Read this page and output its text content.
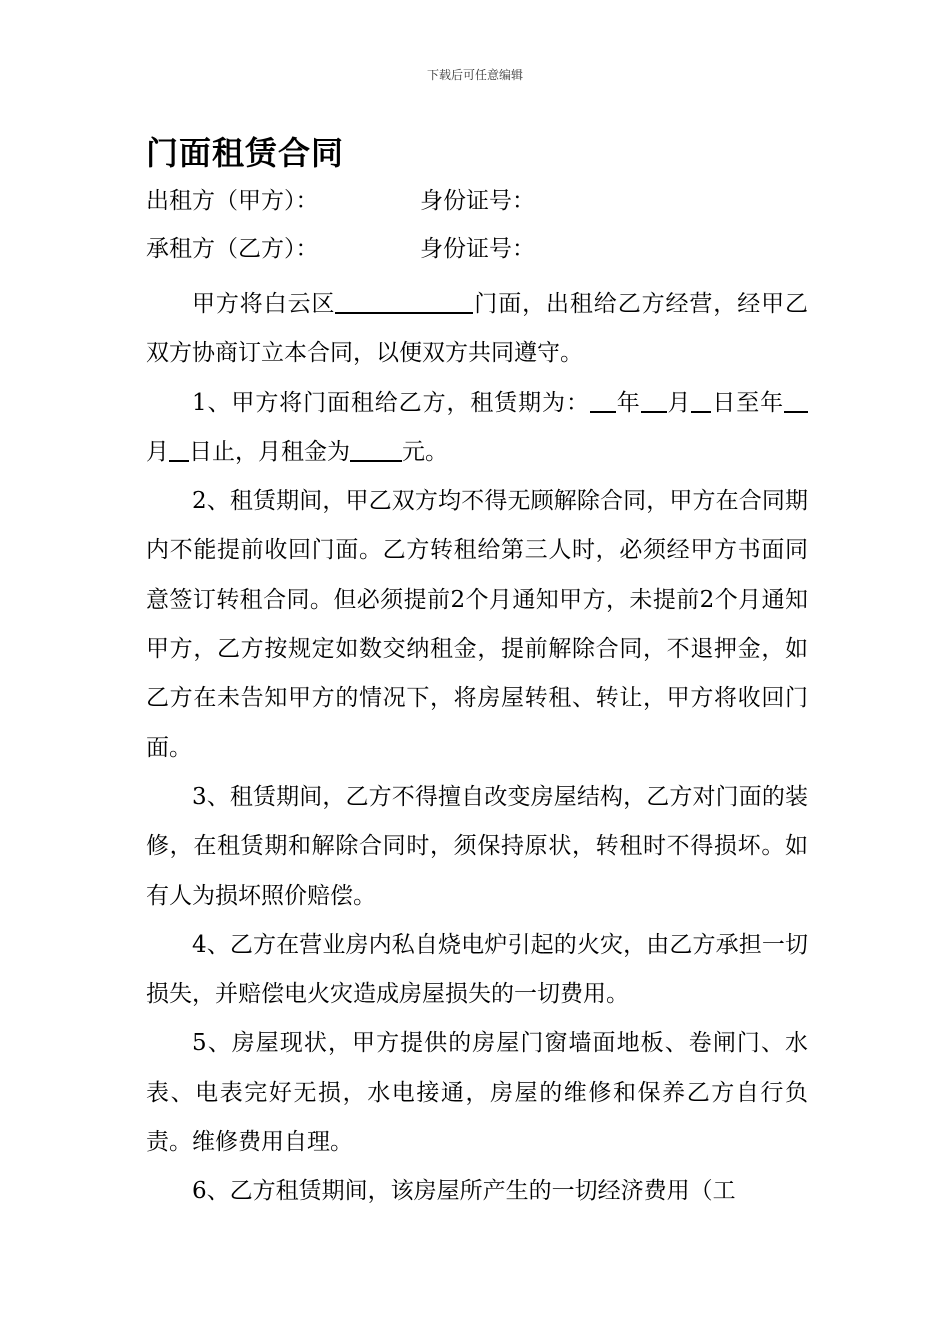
下载后可任意编辑
门面租赁合同
出租方（甲方）：	身份证号：
承租方（乙方）：	身份证号：

甲方将白云区	门面，出租给乙方经营，经甲乙双方协商订立本合同，以便双方共同遵守。

1、甲方将门面租给乙方，租赁期为： 年 月 日至年月 日止，月租金为 元。

2、租赁期间，甲乙双方均不得无顾解除合同，甲方在合同期内不能提前收回门面。乙方转租给第三人时，必须经甲方书面同意签订转租合同。但必须提前2个月通知甲方，未提前2个月通知甲方，乙方按规定如数交纳租金，提前解除合同，不退押金，如乙方在未告知甲方的情况下，将房屋转租、转让，甲方将收回门面。

3、租赁期间，乙方不得擅自改变房屋结构，乙方对门面的装修，在租赁期和解除合同时，须保持原状，转租时不得损坏。如有人为损坏照价赔偿。

4、乙方在营业房内私自烧电炉引起的火灾，由乙方承担一切损失，并赔偿电火灾造成房屋损失的一切费用。

5、房屋现状，甲方提供的房屋门窗墙面地板、卷闸门、水表、电表完好无损，水电接通，房屋的维修和保养乙方自行负责。维修费用自理。

6、乙方租赁期间，该房屋所产生的一切经济费用（工
